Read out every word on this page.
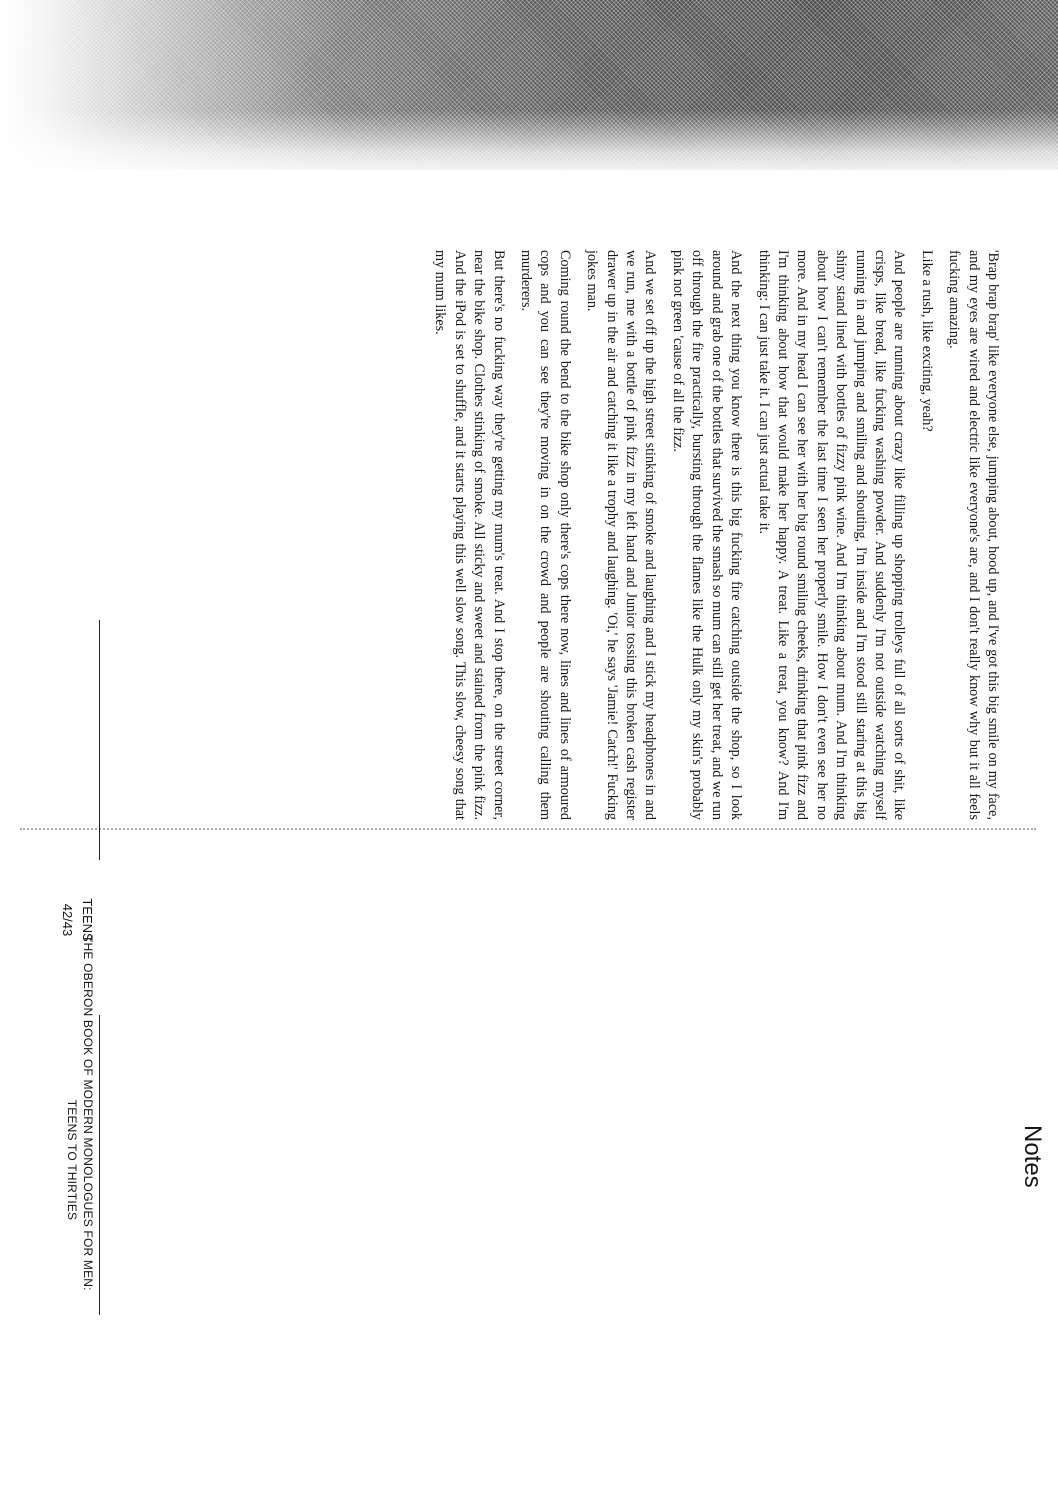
'Brap brap brap' like everyone else, jumping about, hood up, and I've got this big smile on my face, and my eyes are wired and electric like everyone's are, and I don't really know why but it all feels fucking amazing.

Like a rush, like exciting, yeah?

And people are running about crazy like filling up shopping trolleys full of all sorts of shit, like crisps, like bread, like fucking washing powder. And suddenly I'm not outside watching myself running in and jumping and smiling and shouting, I'm inside and I'm stood still staring at this big shiny stand lined with bottles of fizzy pink wine. And I'm thinking about mum. And I'm thinking about how I can't remember the last time I seen her properly smile. How I don't even see her no more. And in my head I can see her with her big round smiling cheeks, drinking that pink fizz and I'm thinking about how that would make her happy. A treat. Like a treat, you know? And I'm thinking: I can just take it. I can just actual take it.

And the next thing you know there is this big fucking fire catching outside the shop, so I look around and grab one of the bottles that survived the smash so mum can still get her treat, and we run off through the fire practically, bursting through the flames like the Hulk only my skin's probably pink not green 'cause of all the fizz.

And we set off up the high street stinking of smoke and laughing and I stick my headphones in and we run, me with a bottle of pink fizz in my left hand and Junior tossing this broken cash register drawer up in the air and catching it like a trophy and laughing. 'Oi,' he says 'Jamie! Catch!' Fucking jokes man.

Coming round the bend to the bike shop only there's cops there now, lines and lines of armoured cops and you can see they're moving in on the crowd and people are shouting calling them murderers.

But there's no fucking way they're getting my mum's treat. And I stop there, on the street corner, near the bike shop. Clothes stinking of smoke. All sticky and sweet and stained from the pink fizz. And the iPod is set to shuffle, and it starts playing this well slow song. This slow, cheesy song that my mum likes.

TEENS
42/43
Notes
THE OBERON BOOK OF MODERN MONOLOGUES FOR MEN:
TEENS TO THIRTIES
